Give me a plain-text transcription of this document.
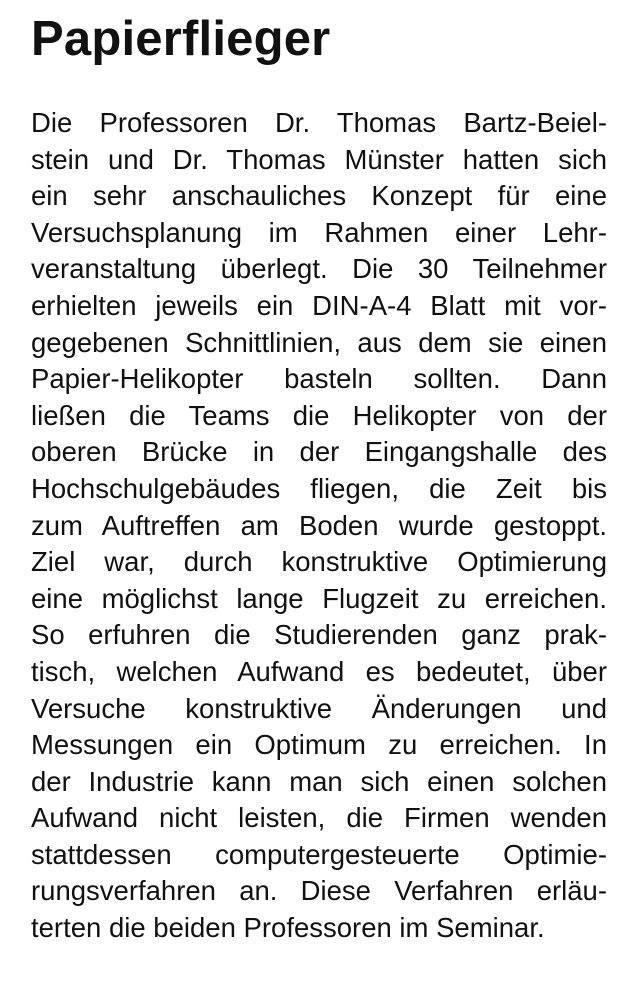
Papierflieger
Die Professoren Dr. Thomas Bartz-Beiel-
stein und Dr. Thomas Münster hatten sich
ein sehr anschauliches Konzept für eine
Versuchsplanung im Rahmen einer Lehr-
veranstaltung überlegt. Die 30 Teilnehmer
erhielten jeweils ein DIN-A-4 Blatt mit vor-
gegebenen Schnittlinien, aus dem sie einen
Papier-Helikopter basteln sollten. Dann
ließen die Teams die Helikopter von der
oberen Brücke in der Eingangshalle des
Hochschulgebäudes fliegen, die Zeit bis
zum Auftreffen am Boden wurde gestoppt.
Ziel war, durch konstruktive Optimierung
eine möglichst lange Flugzeit zu erreichen.
So erfuhren die Studierenden ganz prak-
tisch, welchen Aufwand es bedeutet, über
Versuche konstruktive Änderungen und
Messungen ein Optimum zu erreichen. In
der Industrie kann man sich einen solchen
Aufwand nicht leisten, die Firmen wenden
stattdessen computergesteuerte Optimie-
rungsverfahren an. Diese Verfahren erläu-
terten die beiden Professoren im Seminar.
